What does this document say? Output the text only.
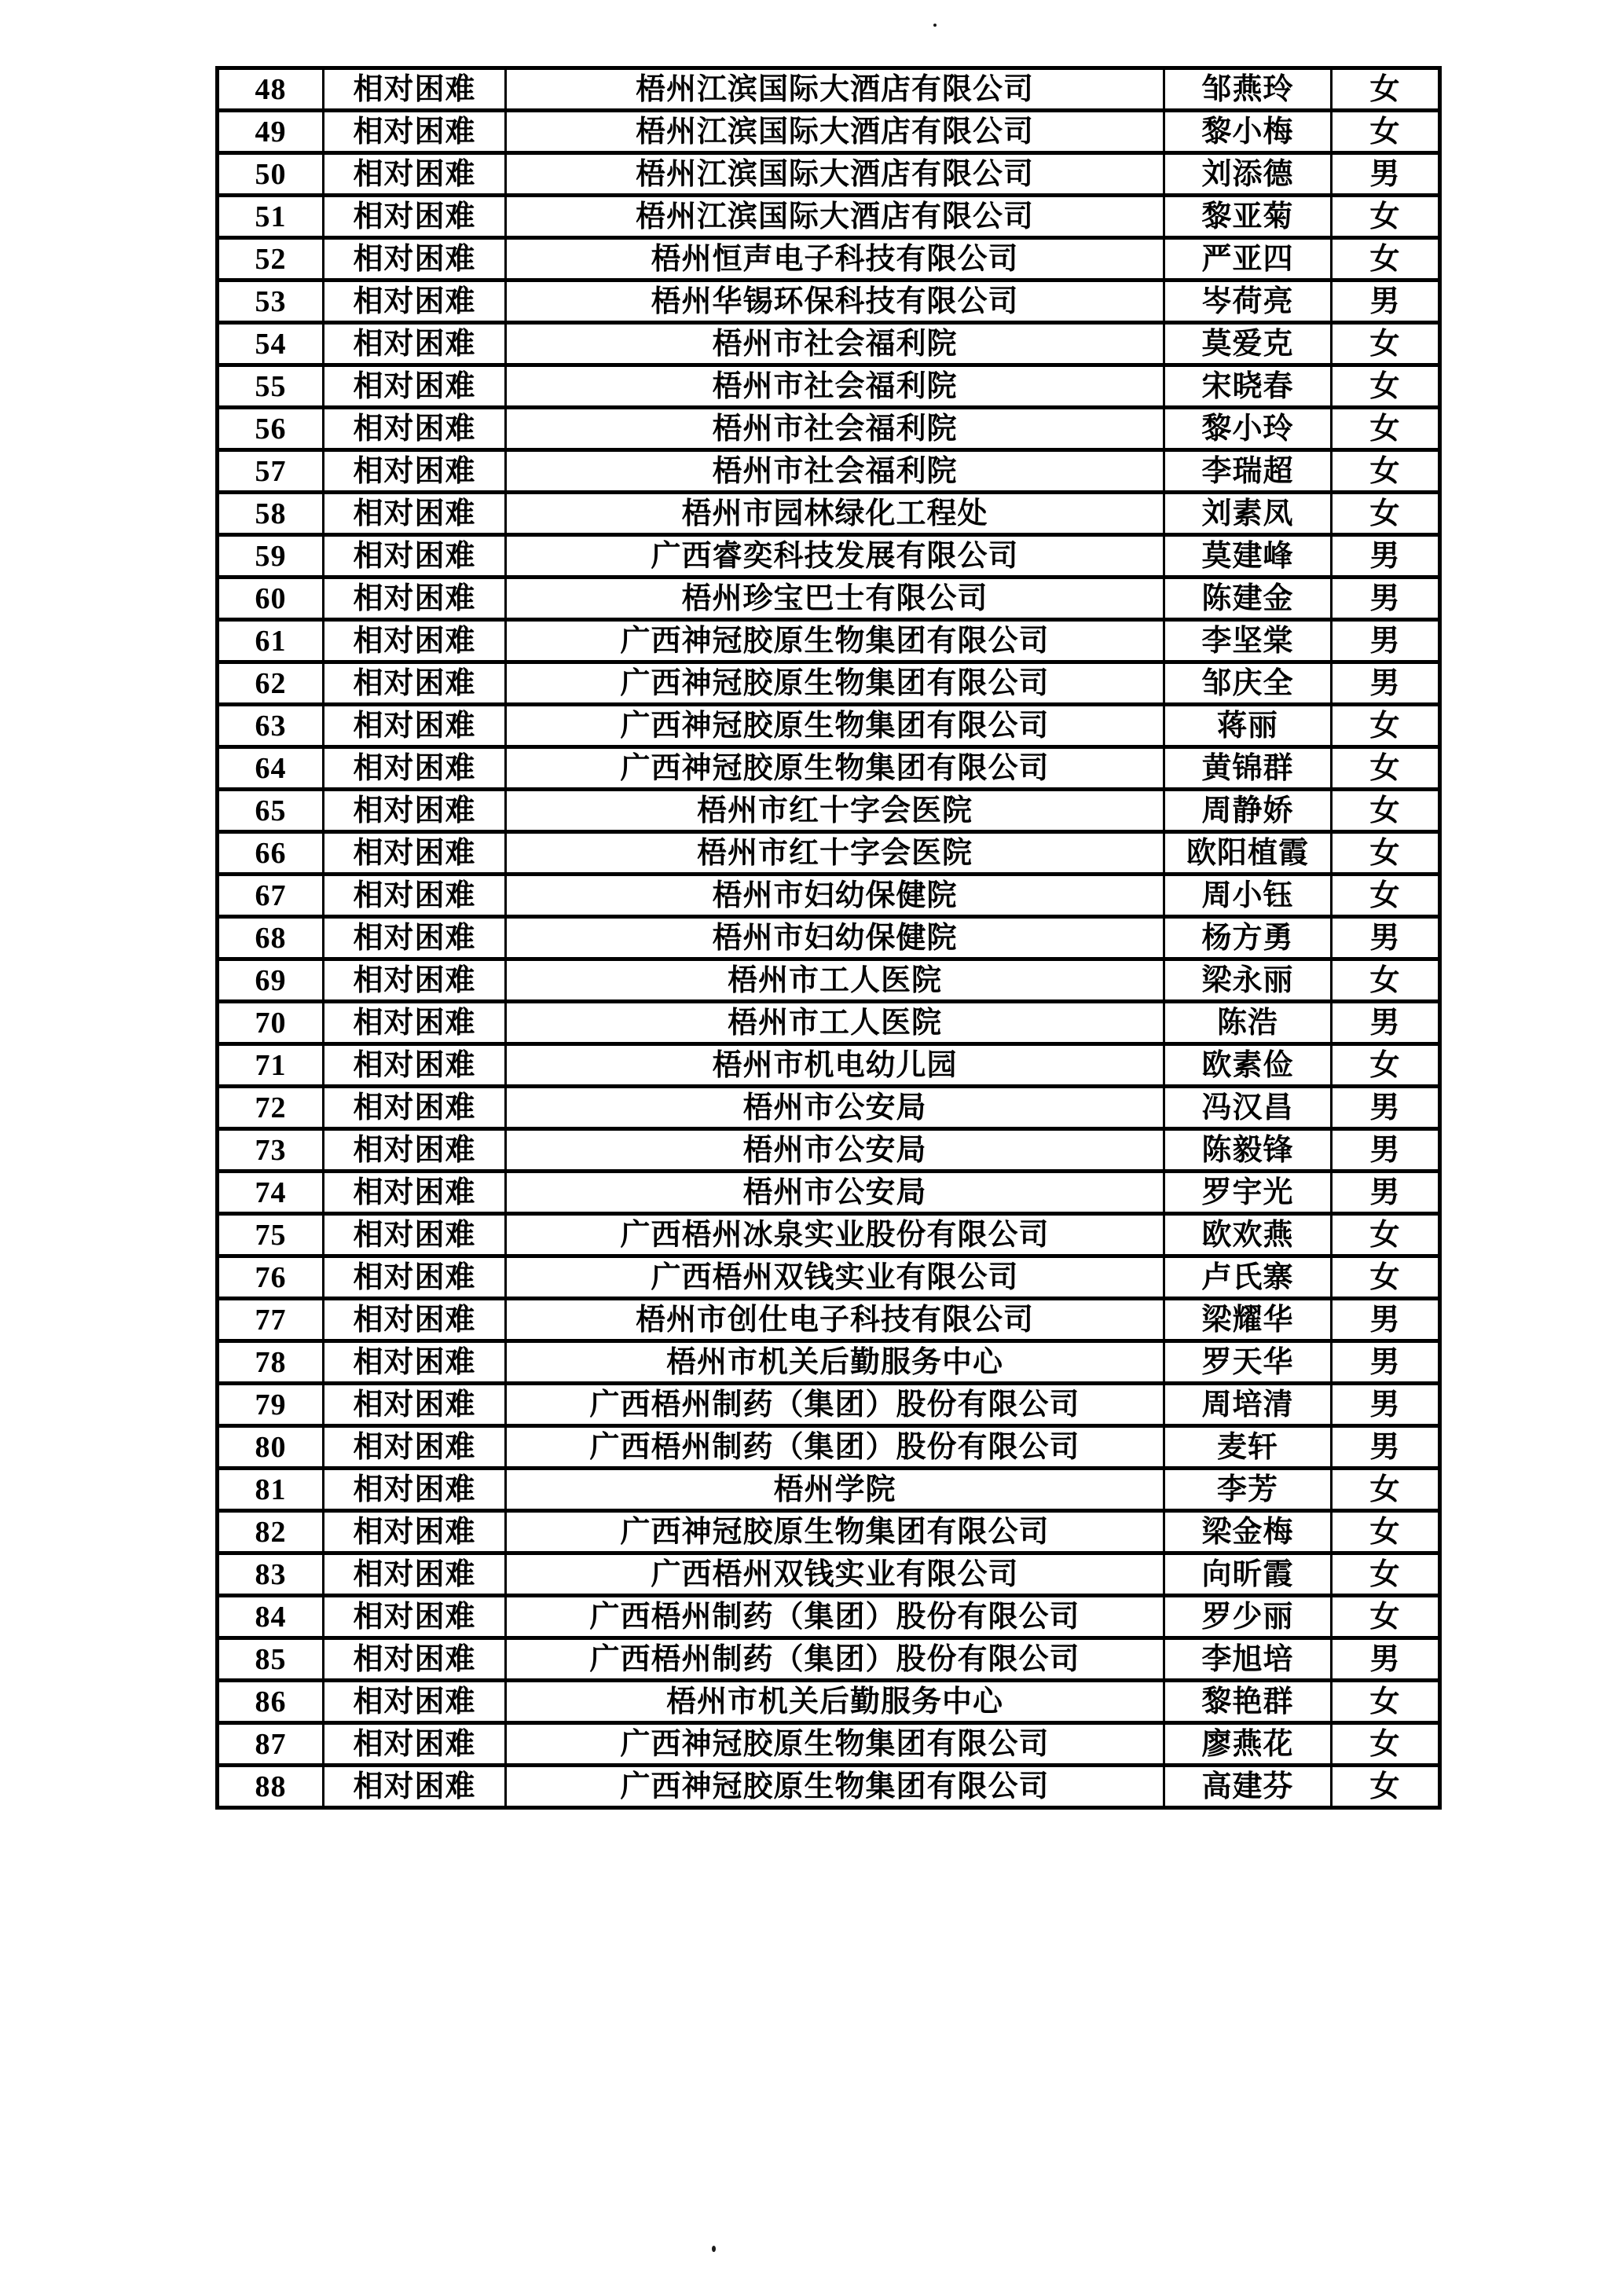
48	相对困难	梧州江滨国际大酒店有限公司	邹燕玲	女
49	相对困难	梧州江滨国际大酒店有限公司	黎小梅	女
50	相对困难	梧州江滨国际大酒店有限公司	刘添德	男
51	相对困难	梧州江滨国际大酒店有限公司	黎亚菊	女
52	相对困难	梧州恒声电子科技有限公司	严亚四	女
53	相对困难	梧州华锡环保科技有限公司	岑荷亮	男
54	相对困难	梧州市社会福利院	莫爱克	女
55	相对困难	梧州市社会福利院	宋晓春	女
56	相对困难	梧州市社会福利院	黎小玲	女
57	相对困难	梧州市社会福利院	李瑞超	女
58	相对困难	梧州市园林绿化工程处	刘素凤	女
59	相对困难	广西睿奕科技发展有限公司	莫建峰	男
60	相对困难	梧州珍宝巴士有限公司	陈建金	男
61	相对困难	广西神冠胶原生物集团有限公司	李坚棠	男
62	相对困难	广西神冠胶原生物集团有限公司	邹庆全	男
63	相对困难	广西神冠胶原生物集团有限公司	蒋丽	女
64	相对困难	广西神冠胶原生物集团有限公司	黄锦群	女
65	相对困难	梧州市红十字会医院	周静娇	女
66	相对困难	梧州市红十字会医院	欧阳植霞	女
67	相对困难	梧州市妇幼保健院	周小钰	女
68	相对困难	梧州市妇幼保健院	杨方勇	男
69	相对困难	梧州市工人医院	梁永丽	女
70	相对困难	梧州市工人医院	陈浩	男
71	相对困难	梧州市机电幼儿园	欧素俭	女
72	相对困难	梧州市公安局	冯汉昌	男
73	相对困难	梧州市公安局	陈毅锋	男
74	相对困难	梧州市公安局	罗宇光	男
75	相对困难	广西梧州冰泉实业股份有限公司	欧欢燕	女
76	相对困难	广西梧州双钱实业有限公司	卢氏寨	女
77	相对困难	梧州市创仕电子科技有限公司	梁耀华	男
78	相对困难	梧州市机关后勤服务中心	罗天华	男
79	相对困难	广西梧州制药（集团）股份有限公司	周培清	男
80	相对困难	广西梧州制药（集团）股份有限公司	麦轩	男
81	相对困难	梧州学院	李芳	女
82	相对困难	广西神冠胶原生物集团有限公司	梁金梅	女
83	相对困难	广西梧州双钱实业有限公司	向昕霞	女
84	相对困难	广西梧州制药（集团）股份有限公司	罗少丽	女
85	相对困难	广西梧州制药（集团）股份有限公司	李旭培	男
86	相对困难	梧州市机关后勤服务中心	黎艳群	女
87	相对困难	广西神冠胶原生物集团有限公司	廖燕花	女
88	相对困难	广西神冠胶原生物集团有限公司	高建芬	女
